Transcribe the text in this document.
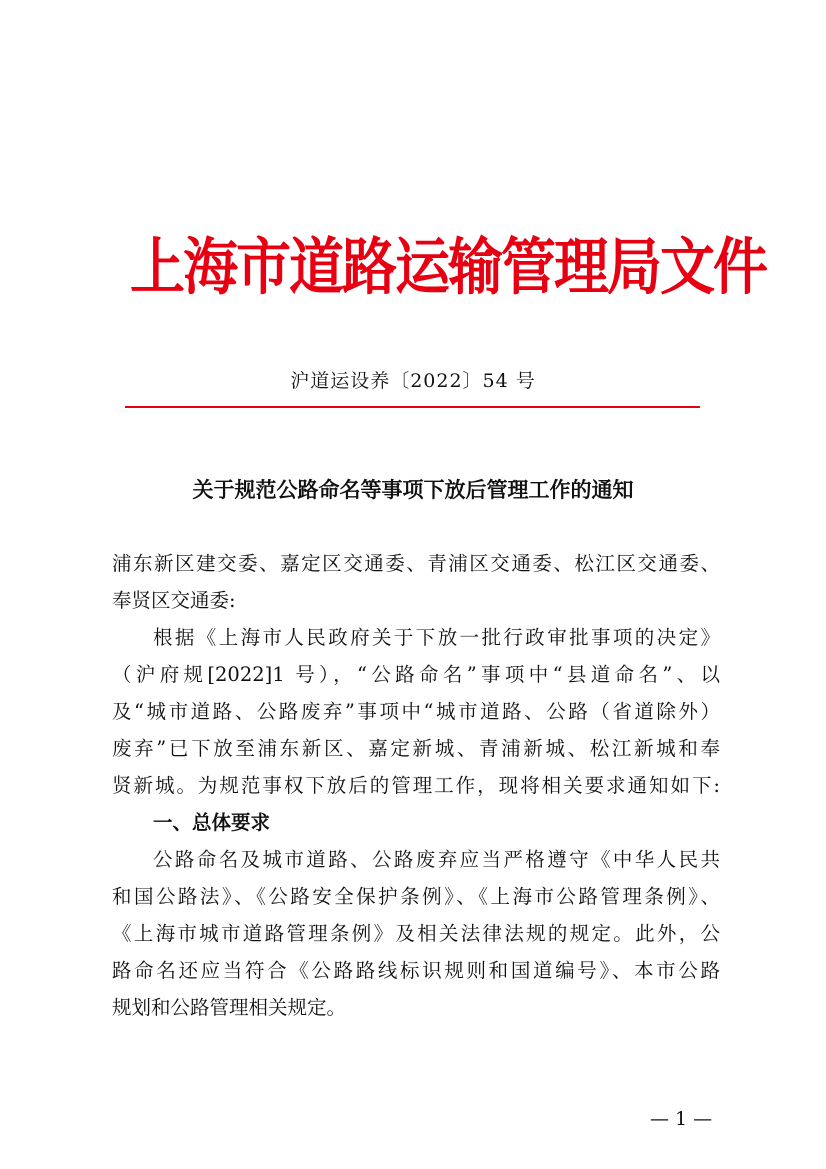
上海市道路运输管理局文件
沪道运设养〔2022〕54 号
关于规范公路命名等事项下放后管理工作的通知
浦东新区建交委、嘉定区交通委、青浦区交通委、松江区交通委、
奉贤区交通委:
根据《上海市人民政府关于下放一批行政审批事项的决定》
（沪府规[2022]1 号），“公路命名”事项中“县道命名”、以
及“城市道路、公路废弃”事项中“城市道路、公路（省道除外）
废弃”已下放至浦东新区、嘉定新城、青浦新城、松江新城和奉
贤新城。为规范事权下放后的管理工作，现将相关要求通知如下:
一、总体要求
公路命名及城市道路、公路废弃应当严格遵守《中华人民共
和国公路法》、《公路安全保护条例》、《上海市公路管理条例》、
《上海市城市道路管理条例》及相关法律法规的规定。此外，公
路命名还应当符合《公路路线标识规则和国道编号》、本市公路
规划和公路管理相关规定。
— 1 —
